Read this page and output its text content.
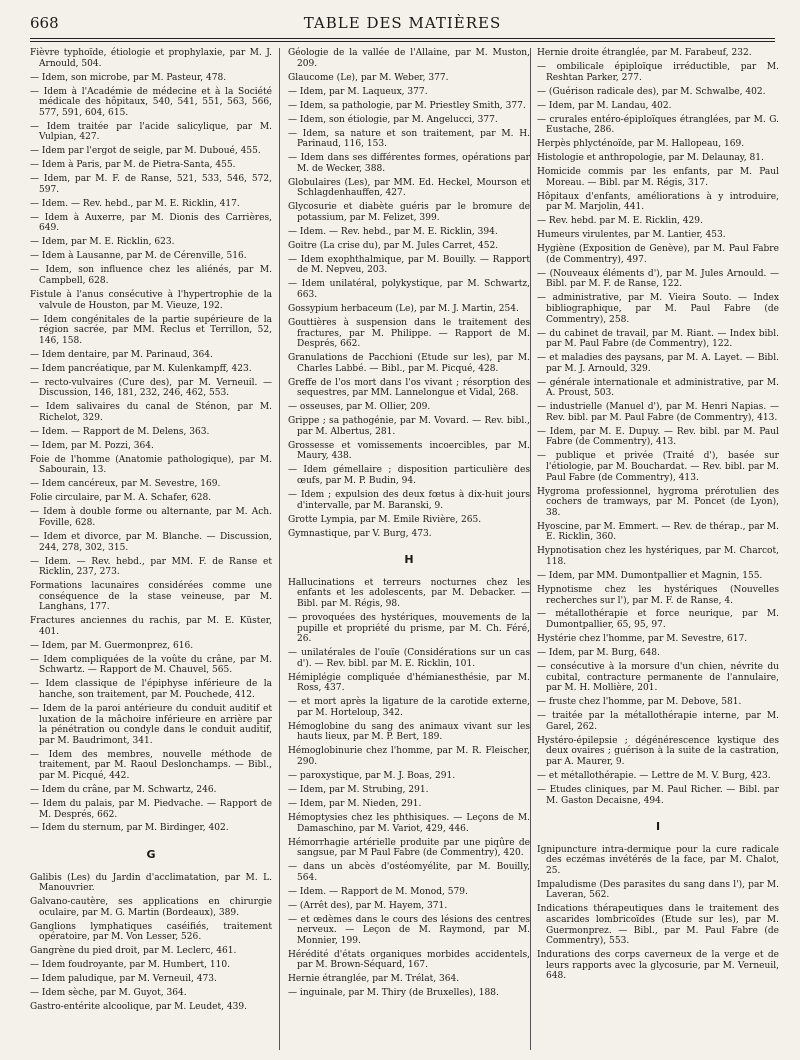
668	TABLE DES MATIÈRES
Fièvre typhoïde, étiologie et prophylaxie, par M. J. Arnould, 504.
— Idem, son microbe, par M. Pasteur, 478.
— Idem à l'Académie de médecine et à la Société médicale des hôpitaux, 540, 541, 551, 563, 566, 577, 591, 604, 615.
— Idem traitée par l'acide salicylique, par M. Vulpian, 427.
— Idem par l'ergot de seigle, par M. Duboué, 455.
— Idem à Paris, par M. de Pietra-Santa, 455.
— Idem, par M. F. de Ranse, 521, 533, 546, 572, 597.
— Idem. — Rev. hebd., par M. E. Ricklin, 417.
— Idem à Auxerre, par M. Dionis des Carrières, 649.
— Idem, par M. E. Ricklin, 623.
— Idem à Lausanne, par M. de Cérenville, 516.
— Idem, son influence chez les aliénés, par M. Campbell, 628.
Fistule à l'anus consécutive à l'hypertrophie de la valvule de Houston, par M. Vieuze, 192.
— Idem congénitales de la partie supérieure de la région sacrée, par MM. Reclus et Terrillon, 52, 146, 158.
— Idem dentaire, par M. Parinaud, 364.
— Idem pancréatique, par M. Kulenkampff, 423.
— recto-vulvaires (Cure des), par M. Verneuil. — Discussion, 146, 181, 232, 246, 462, 553.
— Idem salivaires du canal de Sténon, par M. Richelot, 329.
— Idem. — Rapport de M. Delens, 363.
— Idem, par M. Pozzi, 364.
Foie de l'homme (Anatomie pathologique), par M. Sabourain, 13.
— Idem cancéreux, par M. Sevestre, 169.
Folie circulaire, par M. A. Schafer, 628.
— Idem à double forme ou alternante, par M. Ach. Foville, 628.
— Idem et divorce, par M. Blanche. — Discussion, 244, 278, 302, 315.
— Idem. — Rev. hebd., par MM. F. de Ranse et Ricklin, 237, 273.
Formations lacunaires considérées comme une conséquence de la stase veineuse, par M. Langhans, 177.
Fractures anciennes du rachis, par M. E. Küster, 401.
— Idem, par M. Guermonprez, 616.
— Idem compliquées de la voûte du crâne, par M. Schwartz. — Rapport de M. Chauvel, 565.
— Idem classique de l'épiphyse inférieure de la hanche, son traitement, par M. Pouchede, 412.
— Idem de la paroi antérieure du conduit auditif et luxation de la mâchoire inférieure en arrière par la pénétration ou condyle dans le conduit auditif, par M. Baudrimont, 341.
— Idem des membres, nouvelle méthode de traitement, par M. Raoul Deslonchamps. — Bibl., par M. Picqué, 442.
— Idem du crâne, par M. Schwartz, 246.
— Idem du palais, par M. Piedvache. — Rapport de M. Després, 662.
— Idem du sternum, par M. Birdinger, 402.
G
Galibis (Les) du Jardin d'acclimatation, par M. L. Manouvrier.
Galvano-cautère, ses applications en chirurgie oculaire, par M. G. Martin (Bordeaux), 389.
Ganglions lymphatiques caséifiés, traitement opératoire, par M. Von Lesser, 526.
Gangrène du pied droit, par M. Leclerc, 461.
— Idem foudroyante, par M. Humbert, 110.
— Idem paludique, par M. Verneuil, 473.
— Idem sèche, par M. Guyot, 364.
Gastro-entérite alcoolique, par M. Leudet, 439.
Géologie de la vallée de l'Allaine, par M. Muston, 209.
Glaucome (Le), par M. Weber, 377.
— Idem, par M. Laqueux, 377.
— Idem, sa pathologie, par M. Priestley Smith, 377.
— Idem, son étiologie, par M. Angelucci, 377.
— Idem, sa nature et son traitement, par M. H. Parinaud, 116, 153.
— Idem dans ses différentes formes, opérations par M. de Wecker, 388.
Globulaires (Les), par MM. Ed. Heckel, Mourson et Schlagdenhauffen, 427.
Glycosurie et diabète guéris par le bromure de potassium, par M. Felizet, 399.
— Idem. — Rev. hebd., par M. E. Ricklin, 394.
Goitre (La crise du), par M. Jules Carret, 452.
— Idem exophthalmique, par M. Bouilly. — Rapport de M. Nepveu, 203.
— Idem unilatéral, polykystique, par M. Schwartz, 663.
Gossypium herbaceum (Le), par M. J. Martin, 254.
Gouttières à suspension dans le traitement des fractures, par M. Philippe. — Rapport de M. Després, 662.
Granulations de Pacchioni (Etude sur les), par M. Charles Labbé. — Bibl., par M. Picqué, 428.
Greffe de l'os mort dans l'os vivant ; résorption des sequestres, par MM. Lannelongue et Vidal, 268.
— osseuses, par M. Ollier, 209.
Grippe ; sa pathogénie, par M. Vovard. — Rev. bibl., par M. Albertus, 281.
Grossesse et vomissements incoercibles, par M. Maury, 438.
— Idem gémellaire ; disposition particulière des œufs, par M. P. Budin, 94.
— Idem ; expulsion des deux fœtus à dix-huit jours d'intervalle, par M. Baranski, 9.
Grotte Lympia, par M. Emile Rivière, 265.
Gymnastique, par V. Burg, 473.
H
Hallucinations et terreurs nocturnes chez les enfants et les adolescents, par M. Debacker. — Bibl. par M. Régis, 98.
— provoquées des hystériques, mouvements de la pupille et propriété du prisme, par M. Ch. Féré, 26.
— unilatérales de l'ouïe (Considérations sur un cas d'). — Rev. bibl. par M. E. Ricklin, 101.
Hémiplégie compliquée d'hémianesthésie, par M. Ross, 437.
— et mort après la ligature de la carotide externe, par M. Horteloup, 342.
Hémoglobine du sang des animaux vivant sur les hauts lieux, par M. P. Bert, 189.
Hémoglobinurie chez l'homme, par M. R. Fleischer, 290.
— paroxystique, par M. J. Boas, 291.
— Idem, par M. Strubing, 291.
— Idem, par M. Nieden, 291.
Hémoptysies chez les phthisiques. — Leçons de M. Damaschino, par M. Variot, 429, 446.
Hémorrhagie artérielle produite par une piqûre de sangsue, par M Paul Fabre (de Commentry), 420.
— dans un abcès d'ostéomyélite, par M. Bouilly, 564.
— Idem. — Rapport de M. Monod, 579.
— (Arrêt des), par M. Hayem, 371.
— et œdèmes dans le cours des lésions des centres nerveux. — Leçon de M. Raymond, par M. Monnier, 199.
Hérédité d'états organiques morbides accidentels, par M. Brown-Séquard, 167.
Hernie étranglée, par M. Trélat, 364.
— inguinale, par M. Thiry (de Bruxelles), 188.
Hernie droite étranglée, par M. Farabeuf, 232.
— ombilicale épiploïque irréductible, par M. Reshtan Parker, 277.
— (Guérison radicale des), par M. Schwalbe, 402.
— Idem, par M. Landau, 402.
— crurales entéro-épiploïques étranglées, par M. G. Eustache, 286.
Herpès phlycténoïde, par M. Hallopeau, 169.
Histologie et anthropologie, par M. Delaunay, 81.
Homicide commis par les enfants, par M. Paul Moreau. — Bibl. par M. Régis, 317.
Hôpitaux d'enfants, améliorations à y introduire, par M. Marjolin, 441.
— Rev. hebd. par M. E. Ricklin, 429.
Humeurs virulentes, par M. Lantier, 453.
Hygiène (Exposition de Genève), par M. Paul Fabre (de Commentry), 497.
— (Nouveaux éléments d'), par M. Jules Arnould. — Bibl. par M. F. de Ranse, 122.
— administrative, par M. Vieira Souto. — Index bibliographique, par M. Paul Fabre (de Commentry), 258.
— du cabinet de travail, par M. Riant. — Index bibl. par M. Paul Fabre (de Commentry), 122.
— et maladies des paysans, par M. A. Layet. — Bibl. par M. J. Arnould, 329.
— générale internationale et administrative, par M. A. Proust, 503.
— industrielle (Manuel d'), par M. Henri Napias. — Rev. bibl. par M. Paul Fabre (de Commentry), 413.
— Idem, par M. E. Dupuy. — Rev. bibl. par M. Paul Fabre (de Commentry), 413.
— publique et privée (Traité d'), basée sur l'étiologie, par M. Bouchardat. — Rev. bibl. par M. Paul Fabre (de Commentry), 413.
Hygroma professionnel, hygroma prérotulien des cochers de tramways, par M. Poncet (de Lyon), 38.
Hyoscine, par M. Emmert. — Rev. de thérap., par M. E. Ricklin, 360.
Hypnotisation chez les hystériques, par M. Charcot, 118.
— Idem, par MM. Dumontpallier et Magnin, 155.
Hypnotisme chez les hystériques (Nouvelles recherches sur l'), par M. F. de Ranse, 4.
— métallothérapie et force neurique, par M. Dumontpallier, 65, 95, 97.
Hystérie chez l'homme, par M. Sevestre, 617.
— Idem, par M. Burg, 648.
— consécutive à la morsure d'un chien, névrite du cubital, contracture permanente de l'annulaire, par M. H. Mollière, 201.
— fruste chez l'homme, par M. Debove, 581.
— traitée par la métallothérapie interne, par M. Garel, 262.
Hystéro-épilepsie ; dégénérescence kystique des deux ovaires ; guérison à la suite de la castration, par A. Maurer, 9.
— et métallothérapie. — Lettre de M. V. Burg, 423.
— Etudes cliniques, par M. Paul Richer. — Bibl. par M. Gaston Decaisne, 494.
I
Ignipuncture intra-dermique pour la cure radicale des eczémas invétérés de la face, par M. Chalot, 25.
Impaludisme (Des parasites du sang dans l'), par M. Laveran, 562.
Indications thérapeutiques dans le traitement des ascarides lombricoïdes (Etude sur les), par M. Guermonprez. — Bibl., par M. Paul Fabre (de Commentry), 553.
Indurations des corps caverneux de la verge et de leurs rapports avec la glycosurie, par M. Verneuil, 648.
